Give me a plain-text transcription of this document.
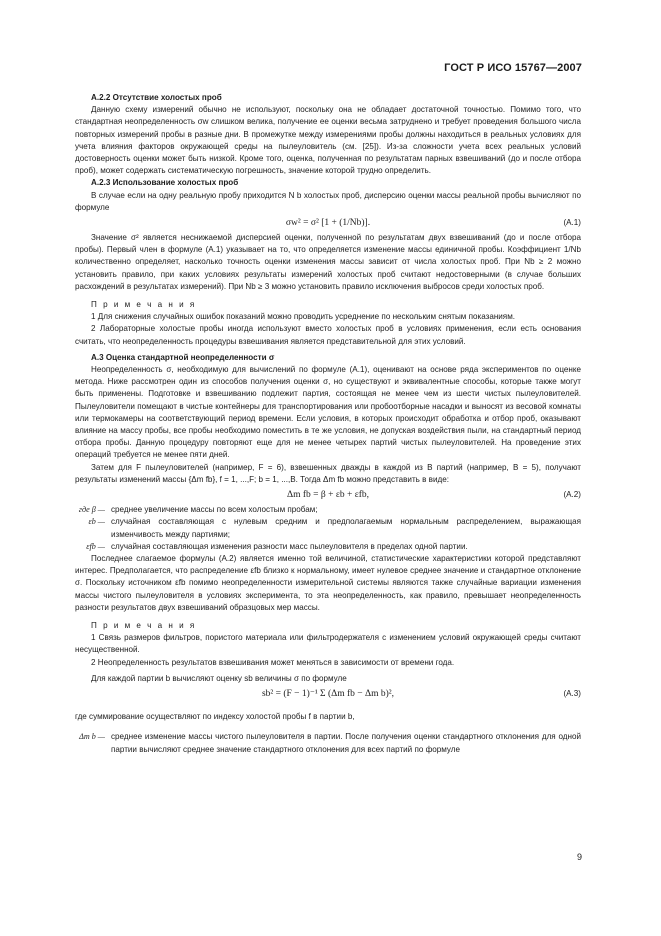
ГОСТ Р ИСО 15767—2007

A.2.2 Отсутствие холостых проб

Данную схему измерений обычно не используют, поскольку она не обладает достаточной точностью. Помимо того, что стандартная неопределенность σw слишком велика, получение ее оценки весьма затруднено и требует проведения большого числа повторных измерений пробы в разные дни. В промежутке между измерениями пробы должны находиться в реальных условиях для учета влияния факторов окружающей среды на пылеуловитель (см. [25]). Из-за сложности учета всех реальных условий достоверность оценки может быть низкой. Кроме того, оценка, полученная по результатам парных взвешиваний (до и после отбора проб), может содержать систематическую погрешность, значение которой трудно определить.

A.2.3 Использование холостых проб

В случае если на одну реальную пробу приходится N b холостых проб, дисперсию оценки массы реальной пробы вычисляют по формуле

σw² = σ² [1 + (1/Nb)].	(A.1)

Значение σ² является неснижаемой дисперсией оценки, полученной по результатам двух взвешиваний (до и после отбора пробы). Первый член в формуле (А.1) указывает на то, что определяется изменение массы единичной пробы. Коэффициент 1/Nb количественно определяет, насколько точность оценки изменения массы зависит от числа холостых проб. При Nb ≥ 2 можно установить правило, при каких условиях результаты измерений холостых проб считают недостоверными (в случае больших расхождений в результатах измерений). При Nb ≥ 3 можно установить правило исключения выбросов среди холостых проб.

П р и м е ч а н и я

1 Для снижения случайных ошибок показаний можно проводить усреднение по нескольким снятым показаниям.

2 Лабораторные холостые пробы иногда используют вместо холостых проб в условиях применения, если есть основания считать, что неопределенность процедуры взвешивания является представительной для этих условий.

A.3 Оценка стандартной неопределенности σ

Неопределенность σ, необходимую для вычислений по формуле (А.1), оценивают на основе ряда экспериментов по оценке метода. Ниже рассмотрен один из способов получения оценки σ, но существуют и эквивалентные способы, которые также могут быть применены. Подготовке и взвешиванию подлежит партия, состоящая не менее чем из шести чистых пылеуловителей. Пылеуловители помещают в чистые контейнеры для транспортирования или пробоотборные насадки и выносят из весовой комнаты или термокамеры на соответствующий период времени. Если условия, в которых происходит обработка и отбор проб, оказывают влияние на массу пробы, все пробы необходимо поместить в те же условия, не допуская воздействия пыли, на стандартный период отбора пробы. Данную процедуру повторяют еще для не менее четырех партий чистых пылеуловителей. На проведение этих операций требуется не менее пяти дней.

Затем для F пылеуловителей (например, F = 6), взвешенных дважды в каждой из B партий (например, B = 5), получают результаты изменений массы {Δm fb}, f = 1, ...,F; b = 1, ...,B. Тогда Δm fb можно представить в виде:

Δm fb = β + εb + εfb,	(A.2)
где β — среднее увеличение массы по всем холостым пробам;
εb — случайная составляющая с нулевым средним и предполагаемым нормальным распределением, выражающая изменчивость между партиями;
εfb — случайная составляющая изменения разности масс пылеуловителя в пределах одной партии.

Последнее слагаемое формулы (А.2) является именно той величиной, статистические характеристики которой представляют интерес. Предполагается, что распределение εfb близко к нормальному, имеет нулевое среднее значение и стандартное отклонение σ. Поскольку источником εfb помимо неопределенности измерительной системы являются также случайные вариации изменения массы чистого пылеуловителя в условиях эксперимента, то эта неопределенность, как правило, превышает неопределенность разности результатов двух взвешиваний образцовых мер массы.

П р и м е ч а н и я

1 Связь размеров фильтров, пористого материала или фильтродержателя с изменением условий окружающей среды считают несущественной.

2 Неопределенность результатов взвешивания может меняться в зависимости от времени года.

Для каждой партии b вычисляют оценку sb величины σ по формуле

sb² = (F − 1)⁻¹ Σ (Δm fb − Δm b)²,	(A.3)

где суммирование осуществляют по индексу холостой пробы f в партии b,

Δm b — среднее изменение массы чистого пылеуловителя в партии. После получения оценки стандартного отклонения для одной партии вычисляют среднее значение стандартного отклонения для всех партий по формуле
9
